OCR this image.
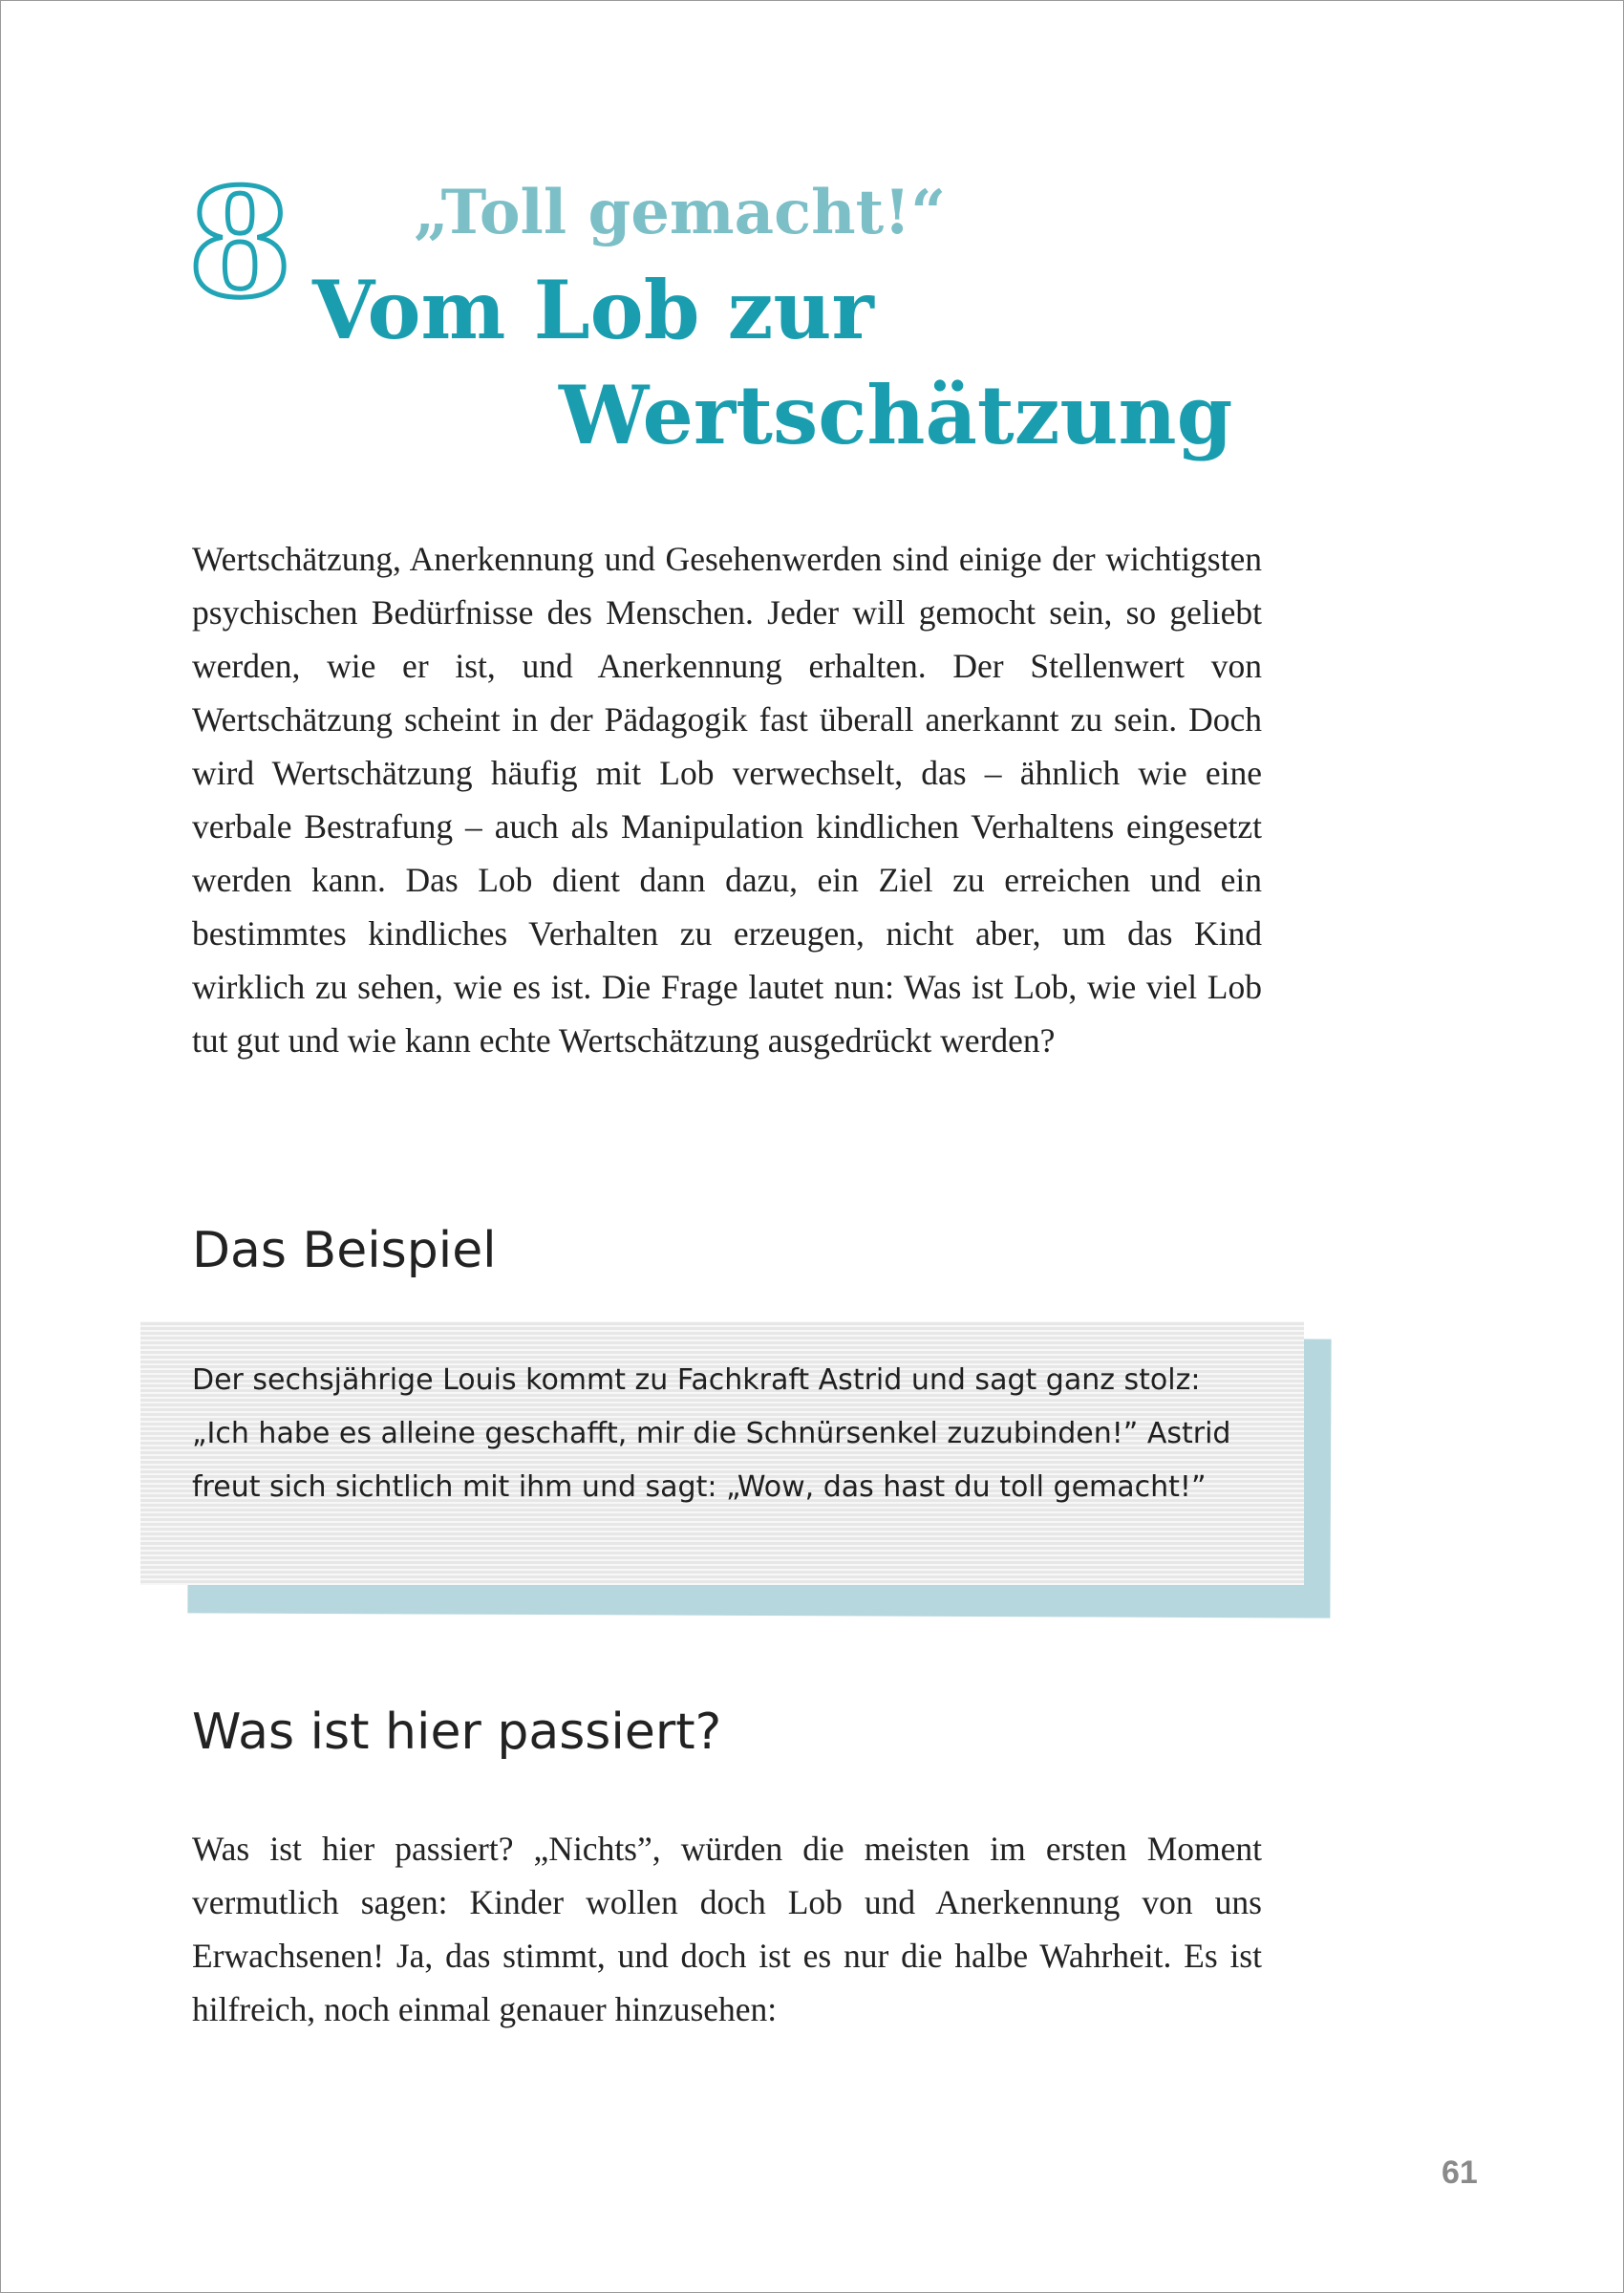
8 „Toll gemacht!“
Vom Lob zur
Wertschätzung

Wertschätzung, Anerkennung und Gesehenwerden sind einige der wichtigsten psychischen Bedürfnisse des Menschen. Jeder will gemocht sein, so geliebt werden, wie er ist, und Anerkennung erhalten. Der Stellenwert von Wertschätzung scheint in der Pädagogik fast überall anerkannt zu sein. Doch wird Wertschätzung häufig mit Lob verwechselt, das – ähnlich wie eine verbale Bestrafung – auch als Manipulation kindlichen Verhaltens eingesetzt werden kann. Das Lob dient dann dazu, ein Ziel zu erreichen und ein bestimmtes kindliches Verhalten zu erzeugen, nicht aber, um das Kind wirklich zu sehen, wie es ist. Die Frage lautet nun: Was ist Lob, wie viel Lob tut gut und wie kann echte Wertschätzung ausgedrückt werden?

Das Beispiel

Der sechsjährige Louis kommt zu Fachkraft Astrid und sagt ganz stolz: „Ich habe es alleine geschafft, mir die Schnürsenkel zuzubinden!” Astrid freut sich sichtlich mit ihm und sagt: „Wow, das hast du toll gemacht!”

Was ist hier passiert?

Was ist hier passiert? „Nichts”, würden die meisten im ersten Moment vermutlich sagen: Kinder wollen doch Lob und Anerkennung von uns Erwachsenen! Ja, das stimmt, und doch ist es nur die halbe Wahrheit. Es ist hilfreich, noch einmal genauer hinzusehen:

61
